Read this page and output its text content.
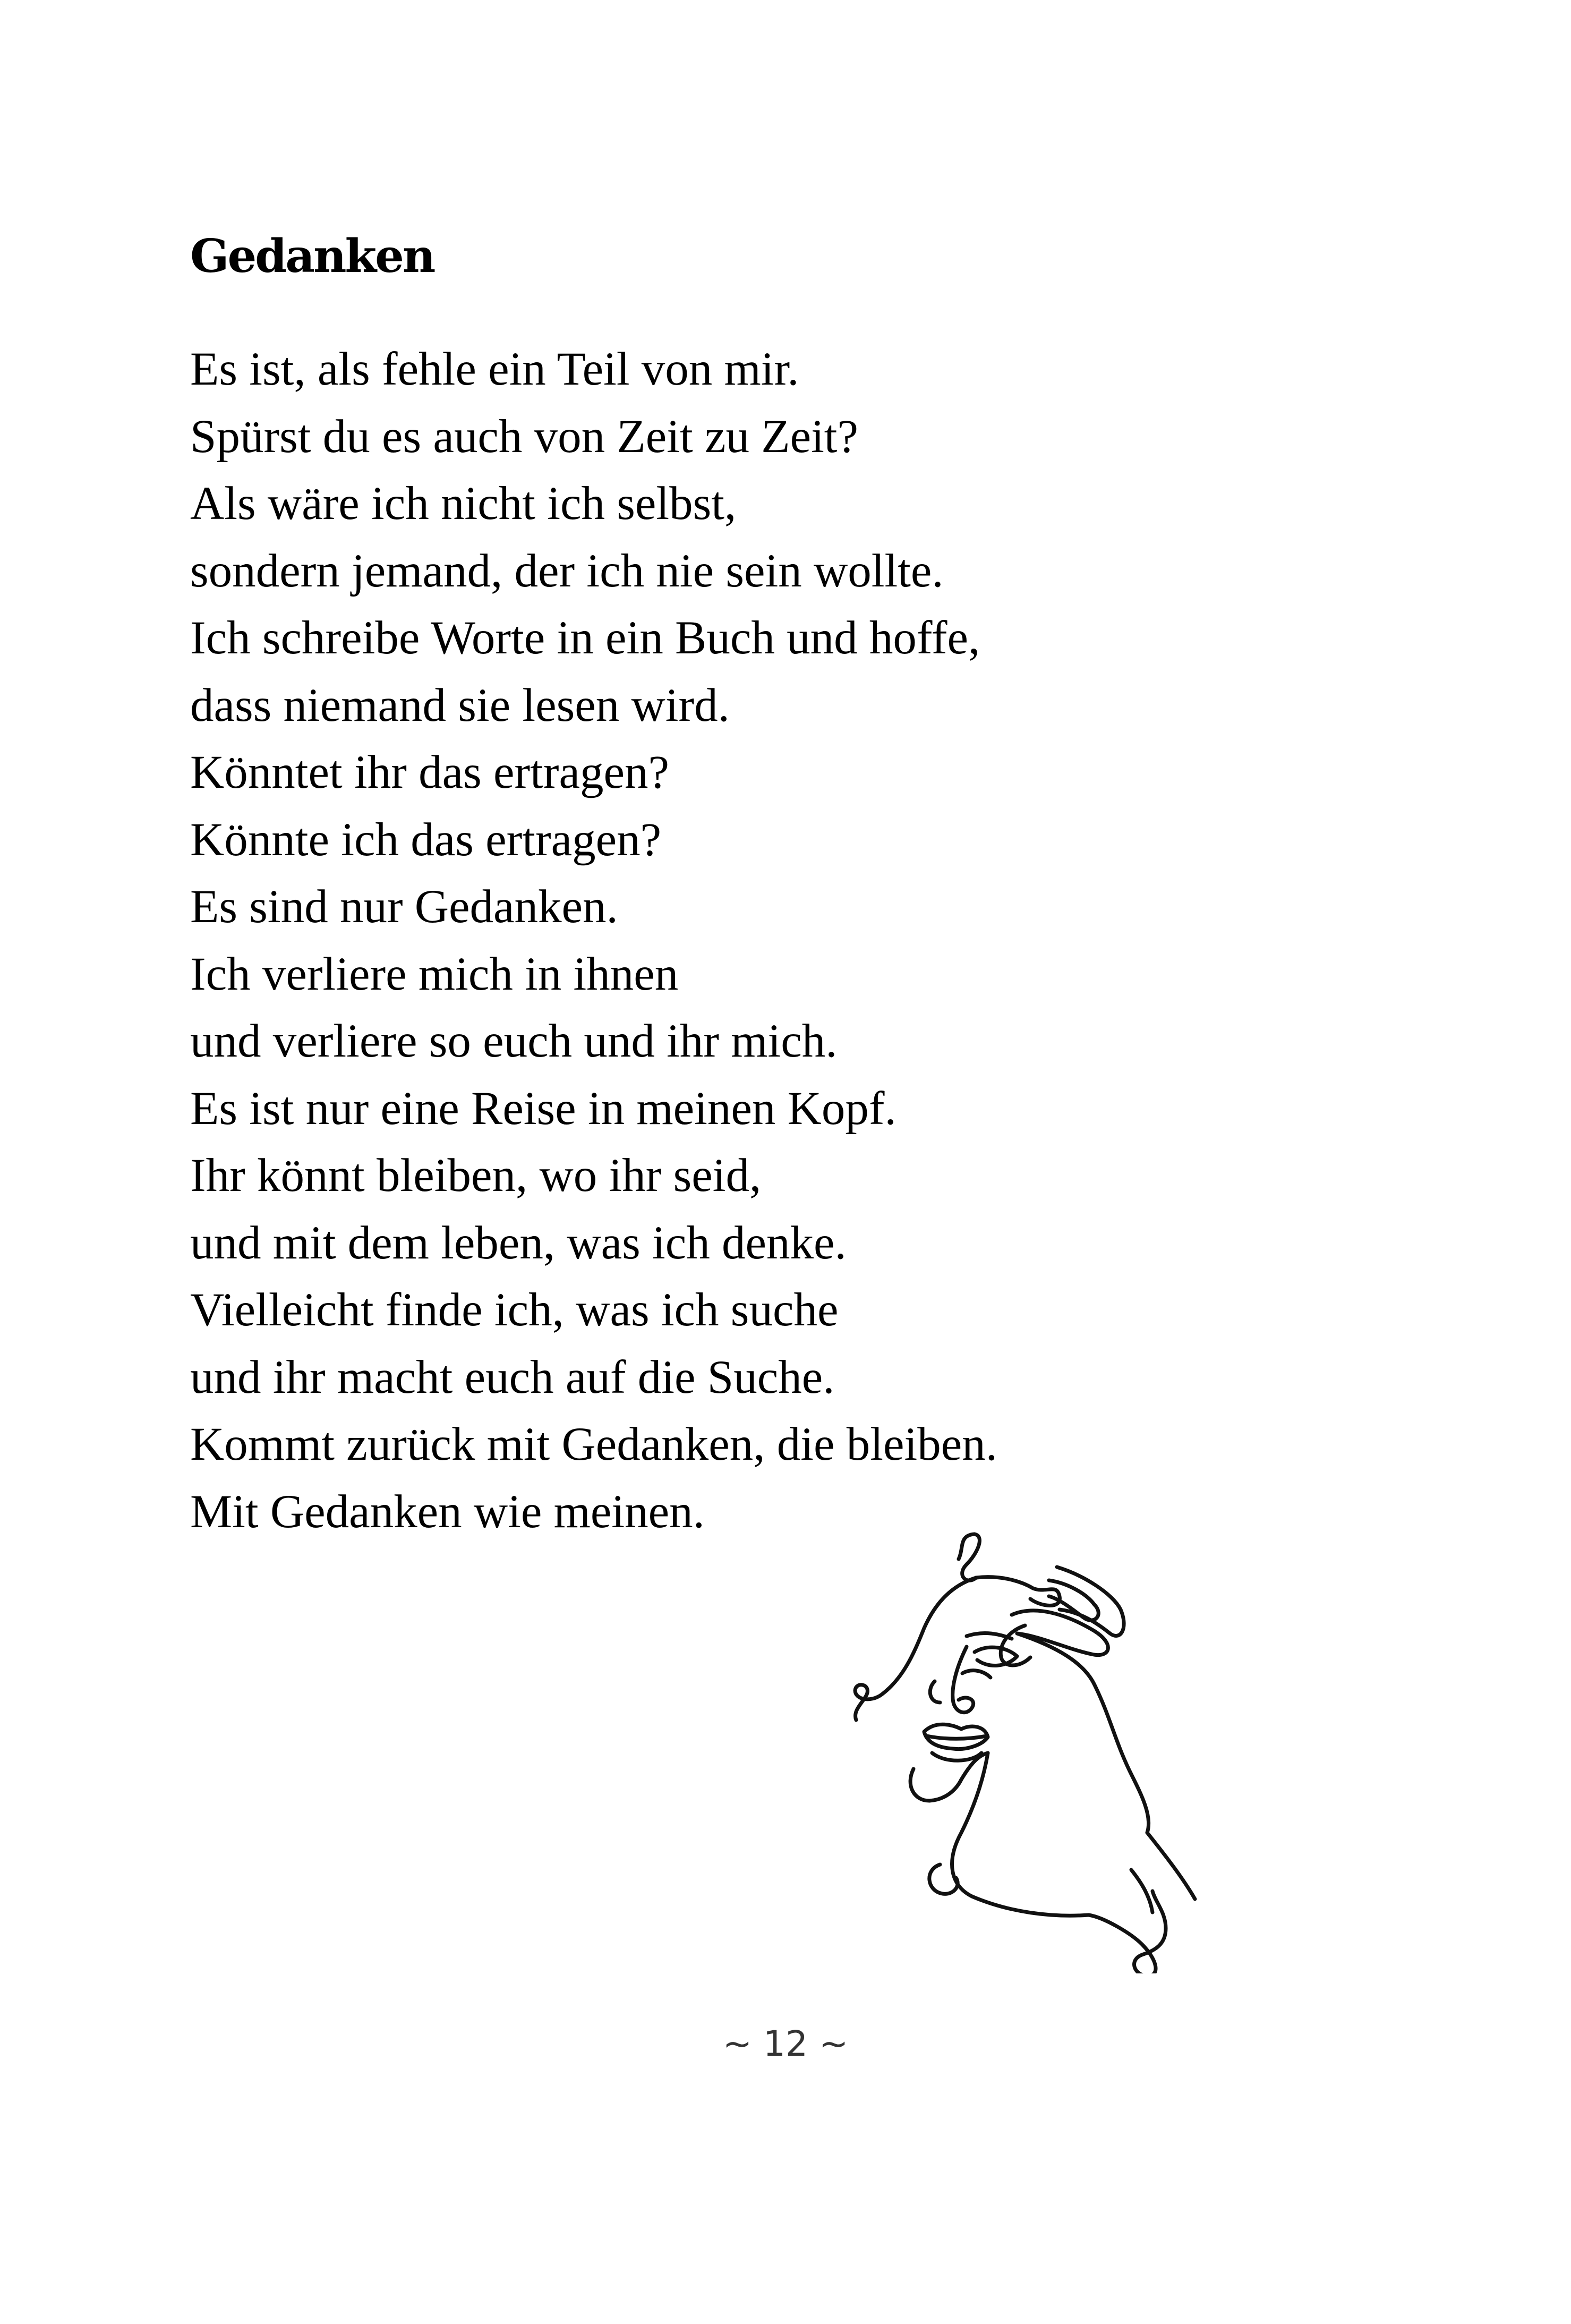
Gedanken
Es ist, als fehle ein Teil von mir.
Spürst du es auch von Zeit zu Zeit?
Als wäre ich nicht ich selbst,
sondern jemand, der ich nie sein wollte.
Ich schreibe Worte in ein Buch und hoffe,
dass niemand sie lesen wird.
Könntet ihr das ertragen?
Könnte ich das ertragen?
Es sind nur Gedanken.
Ich verliere mich in ihnen
und verliere so euch und ihr mich.
Es ist nur eine Reise in meinen Kopf.
Ihr könnt bleiben, wo ihr seid,
und mit dem leben, was ich denke.
Vielleicht finde ich, was ich suche
und ihr macht euch auf die Suche.
Kommt zurück mit Gedanken, die bleiben.
Mit Gedanken wie meinen.
~ 12 ~
